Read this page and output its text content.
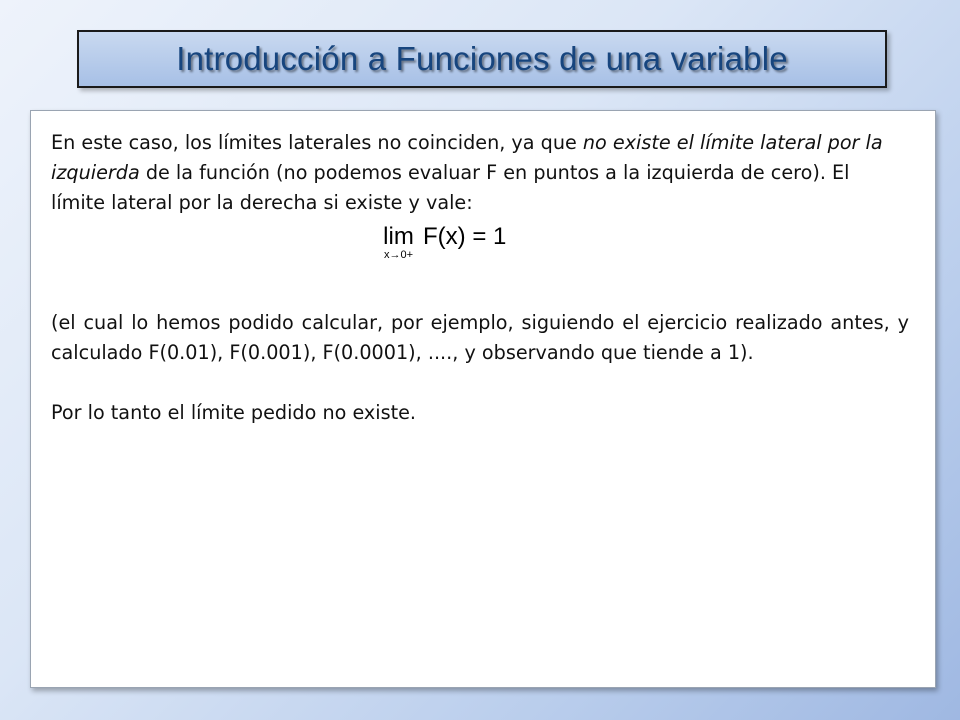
Introducción a Funciones de una variable

En este caso, los límites laterales no coinciden, ya que no existe el límite lateral por la izquierda de la función (no podemos evaluar F en puntos a la izquierda de cero). El límite lateral por la derecha si existe y vale:

lim
x→0+
F(x) = 1

(el cual lo hemos podido calcular, por ejemplo, siguiendo el ejercicio realizado antes, y calculado F(0.01), F(0.001), F(0.0001), ...., y observando que tiende a 1).

Por lo tanto el límite pedido no existe.
